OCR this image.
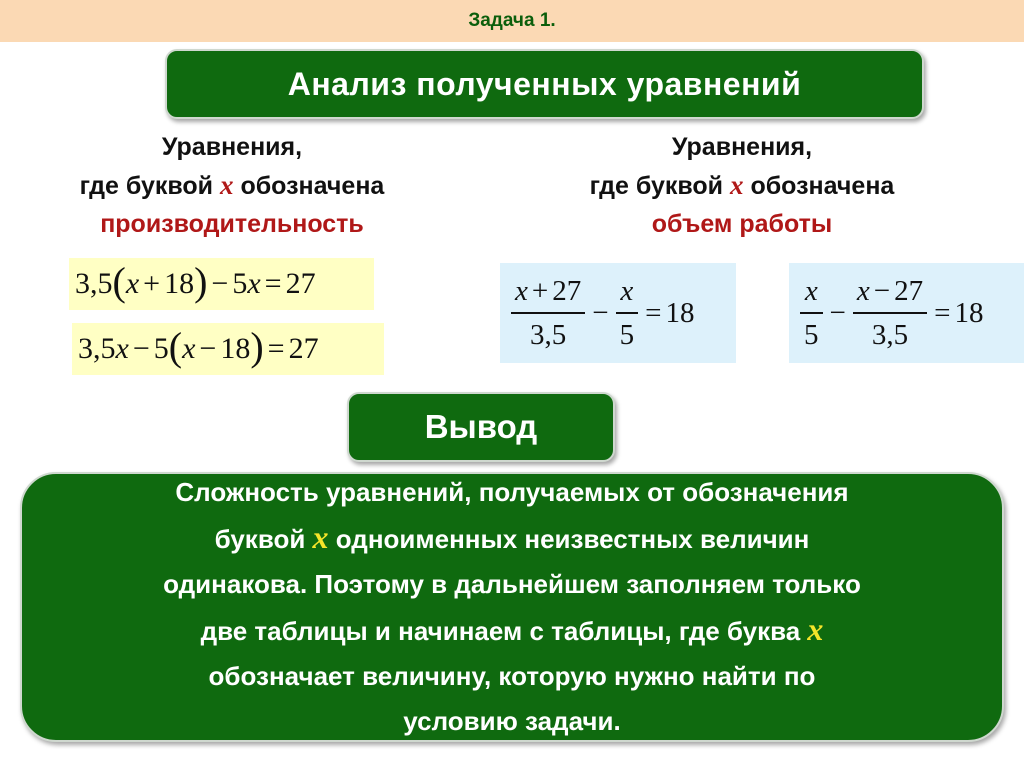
Задача 1.
Анализ полученных уравнений
Уравнения,
где буквой x обозначена
производительность
Уравнения,
где буквой x обозначена
объем работы
3,5 ( x + 18 ) − 5 x = 27
3,5 x − 5 ( x − 18 ) = 27	$\frac{x + 27}{3,5} - \frac{x}{5} = 18$	$\frac{x}{5} - \frac{x - 27}{3,5} = 18$
Вывод
Сложность уравнений, получаемых от обозначения
буквой x одноименных неизвестных величин
одинакова. Поэтому в дальнейшем заполняем только
две таблицы и начинаем с таблицы, где буква x
обозначает величину, которую нужно найти по
условию задачи.
